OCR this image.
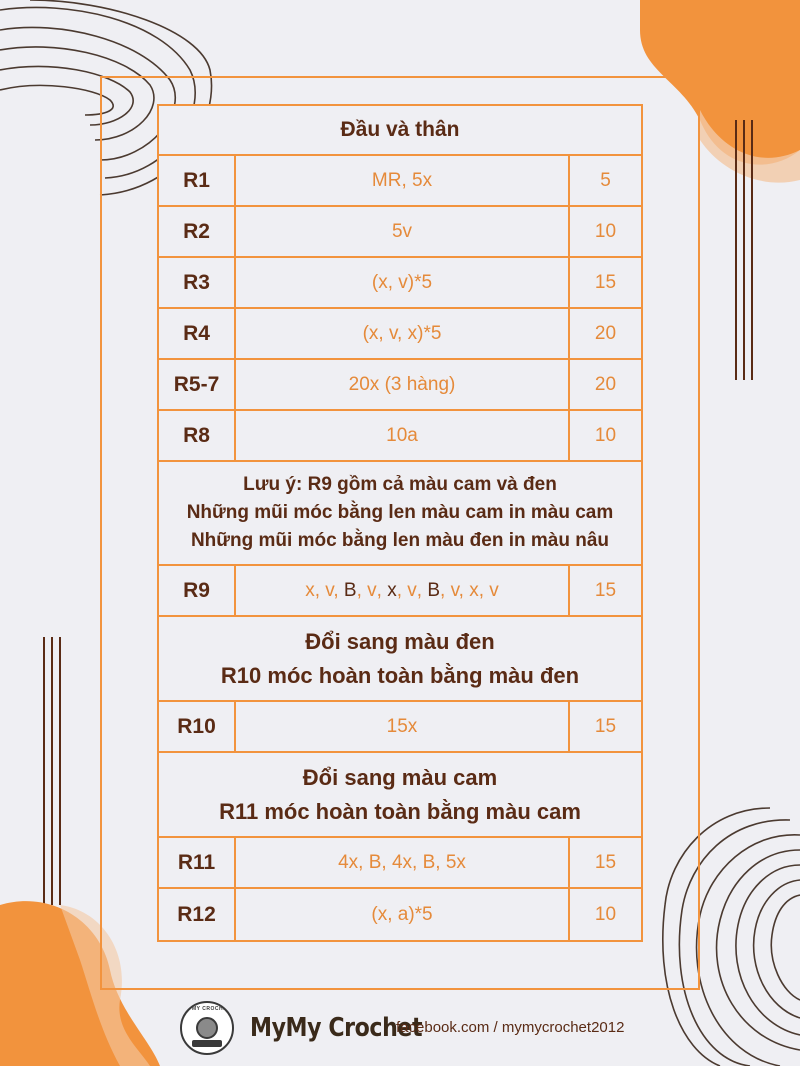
Đầu và thân
R1	MR, 5x	5
R2	5v	10
R3	(x, v)*5	15
R4	(x, v, x)*5	20
R5-7	20x (3 hàng)	20
R8	10a	10
Lưu ý: R9 gồm cả màu cam và đen
Những mũi móc bằng len màu cam in màu cam
Những mũi móc bằng len màu đen in màu nâu
R9	x, v, B , v , x , v , B , v, x, v	15
Đổi sang màu đen
R10 móc hoàn toàn bằng màu đen
R10	15x	15
Đổi sang màu cam
R11 móc hoàn toàn bằng màu cam
R11	4x, B, 4x, B, 5x	15
R12	(x, a)*5	10
MYMY CROCHET
MyMy Crochet
facebook.com / mymycrochet2012
